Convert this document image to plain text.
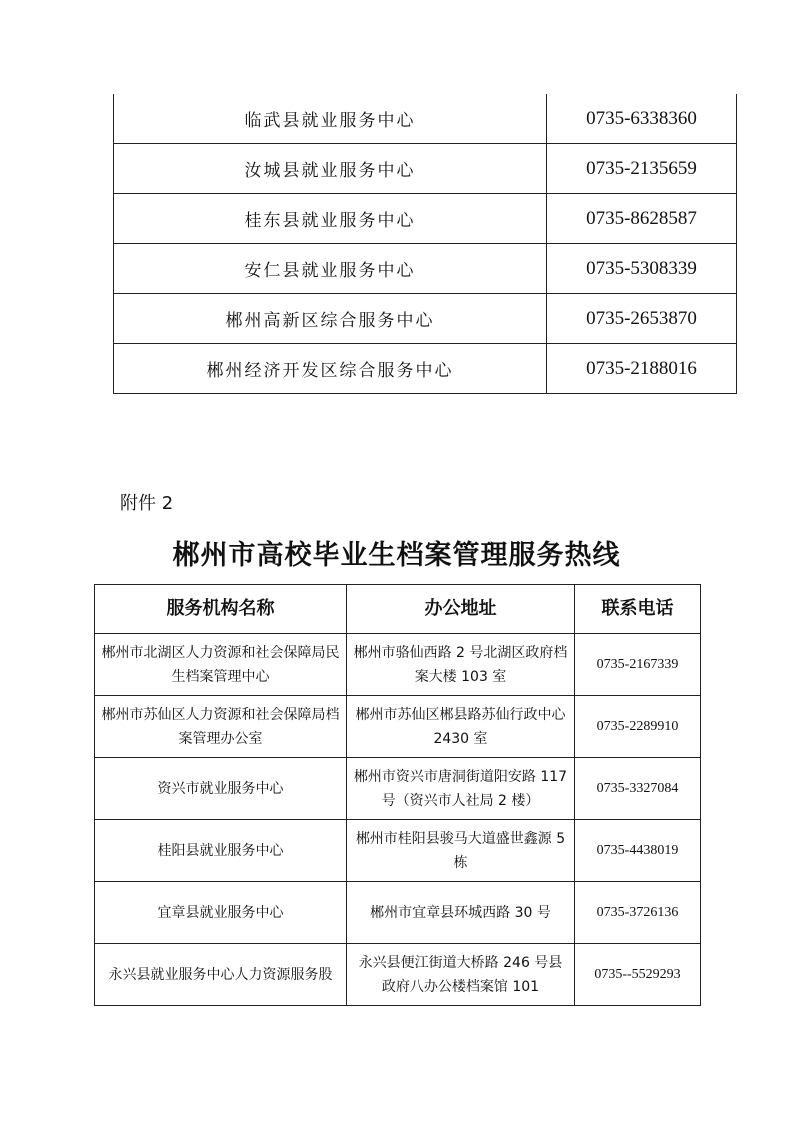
临武县就业服务中心	0735-6338360
汝城县就业服务中心	0735-2135659
桂东县就业服务中心	0735-8628587
安仁县就业服务中心	0735-5308339
郴州高新区综合服务中心	0735-2653870
郴州经济开发区综合服务中心	0735-2188016
附件 2
郴州市高校毕业生档案管理服务热线
服务机构名称	办公地址	联系电话
郴州市北湖区人力资源和社会保障局民生档案管理中心	郴州市骆仙西路 2 号北湖区政府档案大楼 103 室	0735-2167339
郴州市苏仙区人力资源和社会保障局档案管理办公室	郴州市苏仙区郴县路苏仙行政中心 2430 室	0735-2289910
资兴市就业服务中心	郴州市资兴市唐洞街道阳安路 117 号（资兴市人社局 2 楼）	0735-3327084
桂阳县就业服务中心	郴州市桂阳县骏马大道盛世鑫源 5 栋	0735-4438019
宜章县就业服务中心	郴州市宜章县环城西路 30 号	0735-3726136
永兴县就业服务中心人力资源服务股	永兴县便江街道大桥路 246 号县政府八办公楼档案馆 101	0735--5529293
